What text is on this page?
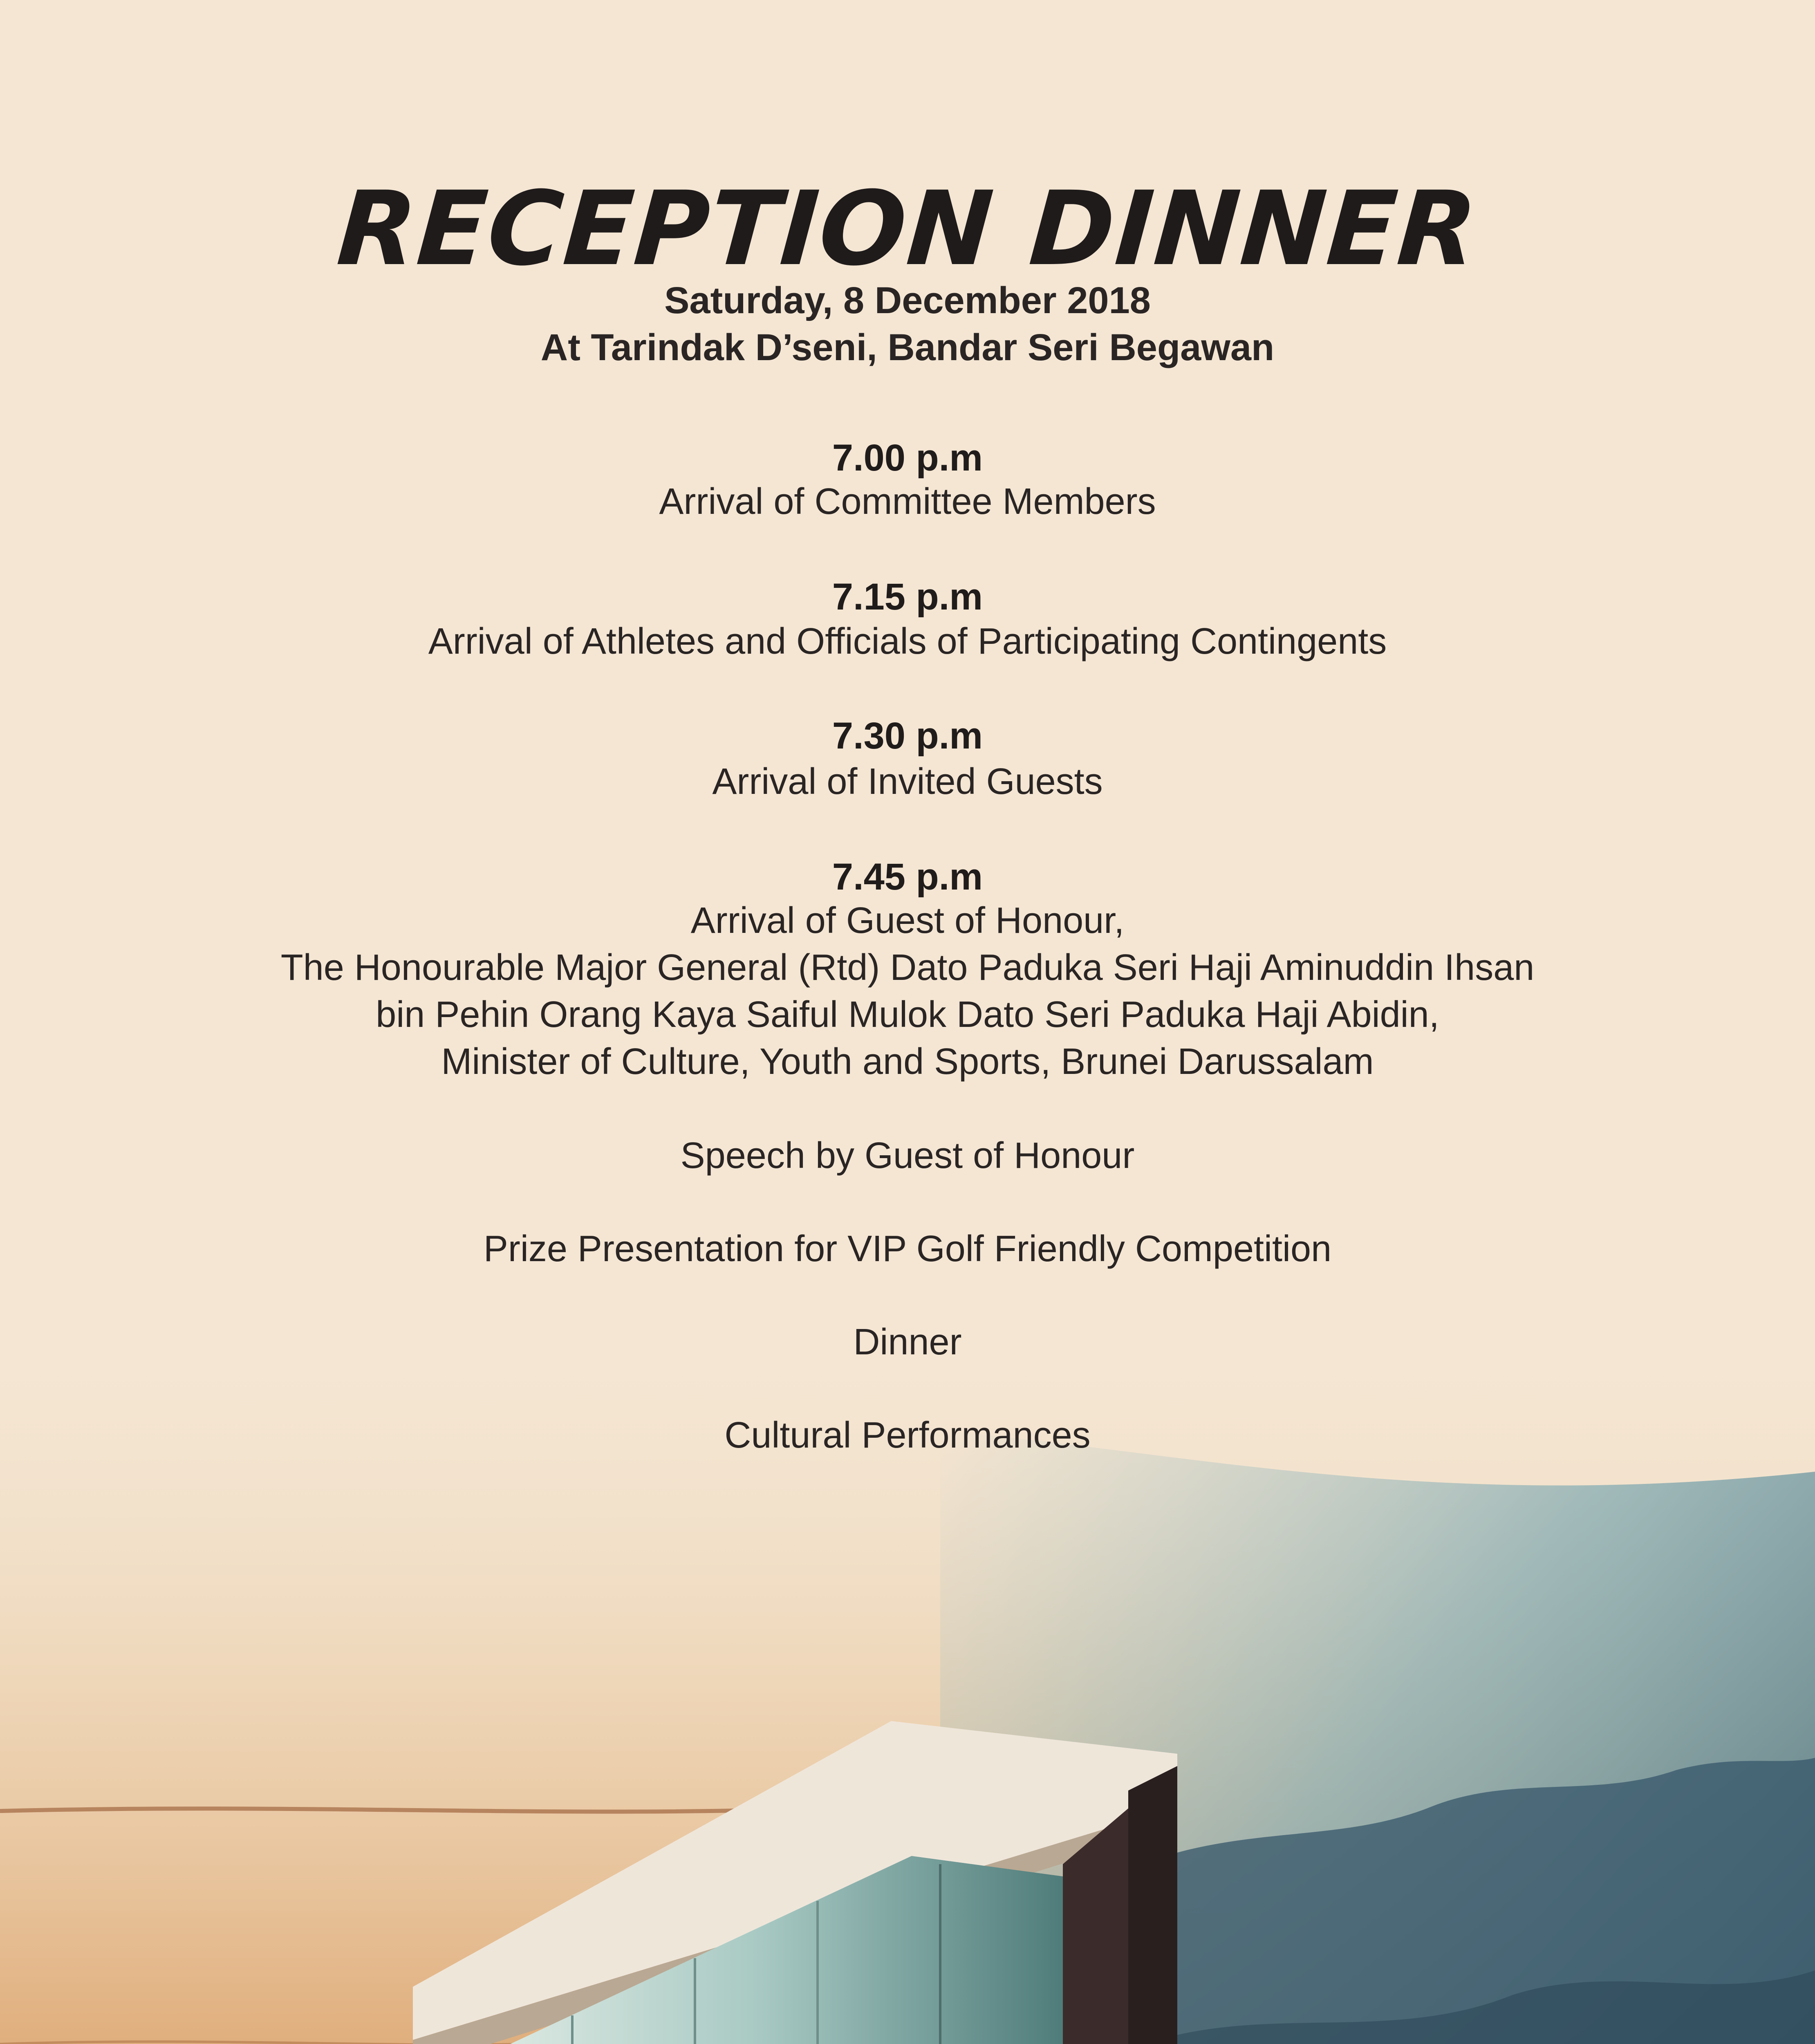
RECEPTION DINNER
Saturday, 8 December 2018
At Tarindak D’seni, Bandar Seri Begawan
7.00 p.m
Arrival of Committee Members
7.15 p.m
Arrival of Athletes and Officials of Participating Contingents
7.30 p.m
Arrival of Invited Guests
7.45 p.m
Arrival of Guest of Honour,
The Honourable Major General (Rtd) Dato Paduka Seri Haji Aminuddin Ihsan
bin Pehin Orang Kaya Saiful Mulok Dato Seri Paduka Haji Abidin,
Minister of Culture, Youth and Sports, Brunei Darussalam
Speech by Guest of Honour
Prize Presentation for VIP Golf Friendly Competition
Dinner
Cultural Performances
